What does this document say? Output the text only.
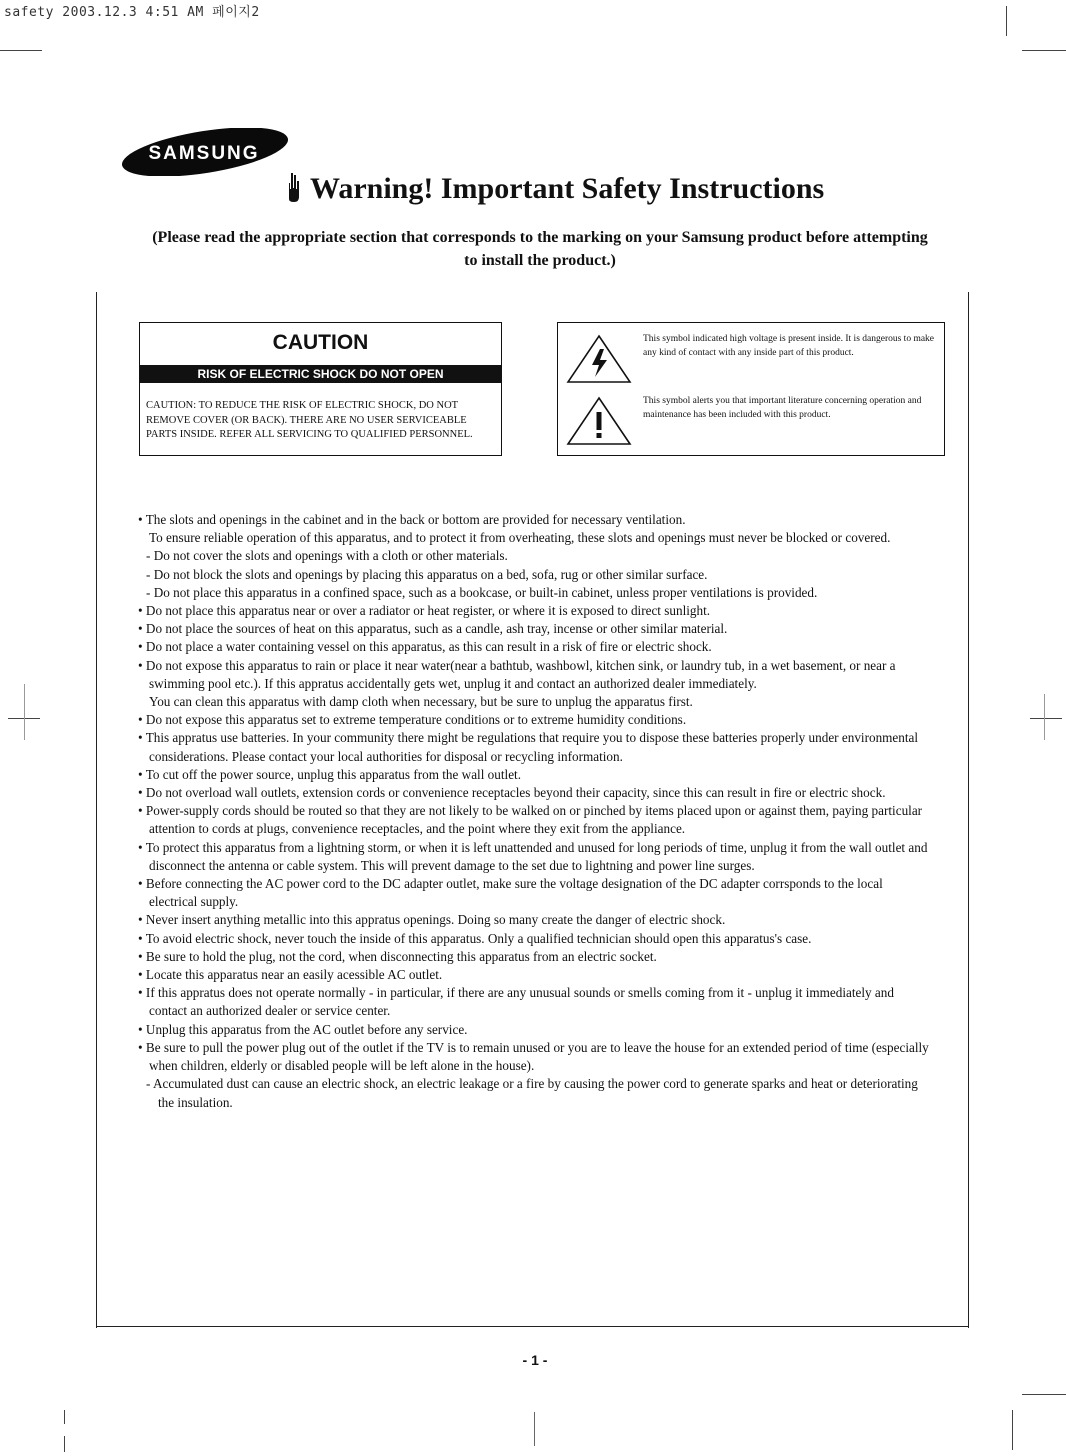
safety 2003.12.3 4:51 AM 페이지2
SAMSUNG
Warning! Important Safety Instructions
(Please read the appropriate section that corresponds to the marking on your Samsung product before attempting to install the product.)
CAUTION
RISK OF ELECTRIC SHOCK DO NOT OPEN
CAUTION: TO REDUCE THE RISK OF ELECTRIC SHOCK, DO NOT REMOVE COVER (OR BACK). THERE ARE NO USER SERVICEABLE PARTS INSIDE. REFER ALL SERVICING TO QUALIFIED PERSONNEL.
This symbol indicated high voltage is present inside. It is dangerous to make any kind of contact with any inside part of this product.
This symbol alerts you that important literature concerning operation and maintenance has been included with this product.
• The slots and openings in the cabinet and in the back or bottom are provided for necessary ventilation.
To ensure reliable operation of this apparatus, and to protect it from overheating, these slots and openings must never be blocked or covered.
- Do not cover the slots and openings with a cloth or other materials.
- Do not block the slots and openings by placing this apparatus on a bed, sofa, rug or other similar surface.
- Do not place this apparatus in a confined space, such as a bookcase, or built-in cabinet, unless proper ventilations is provided.
• Do not place this apparatus near or over a radiator or heat register, or where it is exposed to direct sunlight.
• Do not place the sources of heat on this apparatus, such as a candle, ash tray, incense or other similar material.
• Do not place a water containing vessel on this apparatus, as this can result in a risk of fire or electric shock.
• Do not expose this apparatus to rain or place it near water(near a bathtub, washbowl, kitchen sink, or laundry tub, in a wet basement, or near a swimming pool etc.). If this appratus accidentally gets wet, unplug it and contact an authorized dealer immediately.
You can clean this apparatus with damp cloth when necessary, but be sure to unplug the apparatus first.
• Do not expose this apparatus set to extreme temperature conditions or to extreme humidity conditions.
• This appratus use batteries. In your community there might be regulations that require you to dispose these batteries properly under environmental considerations. Please contact your local authorities for disposal or recycling information.
• To cut off the power source, unplug this apparatus from the wall outlet.
• Do not overload wall outlets, extension cords or convenience receptacles beyond their capacity, since this can result in fire or electric shock.
• Power-supply cords should be routed so that they are not likely to be walked on or pinched by items placed upon or against them, paying particular attention to cords at plugs, convenience receptacles, and the point where they exit from the appliance.
• To protect this apparatus from a lightning storm, or when it is left unattended and unused for long periods of time, unplug it from the wall outlet and disconnect the antenna or cable system. This will prevent damage to the set due to lightning and power line surges.
• Before connecting the AC power cord to the DC adapter outlet, make sure the voltage designation of the DC adapter corrsponds to the local electrical supply.
• Never insert anything metallic into this appratus openings. Doing so many create the danger of electric shock.
• To avoid electric shock, never touch the inside of this apparatus. Only a qualified technician should open this apparatus's case.
• Be sure to hold the plug, not the cord, when disconnecting this apparatus from an electric socket.
• Locate this apparatus near an easily acessible AC outlet.
• If this appratus does not operate normally - in particular, if there are any unusual sounds or smells coming from it - unplug it immediately and contact an authorized dealer or service center.
• Unplug this apparatus from the AC outlet before any service.
• Be sure to pull the power plug out of the outlet if the TV is to remain unused or you are to leave the house for an extended period of time (especially when children, elderly or disabled people will be left alone in the house).
- Accumulated dust can cause an electric shock, an electric leakage or a fire by causing the power cord to generate sparks and heat or deteriorating the insulation.
- 1 -
